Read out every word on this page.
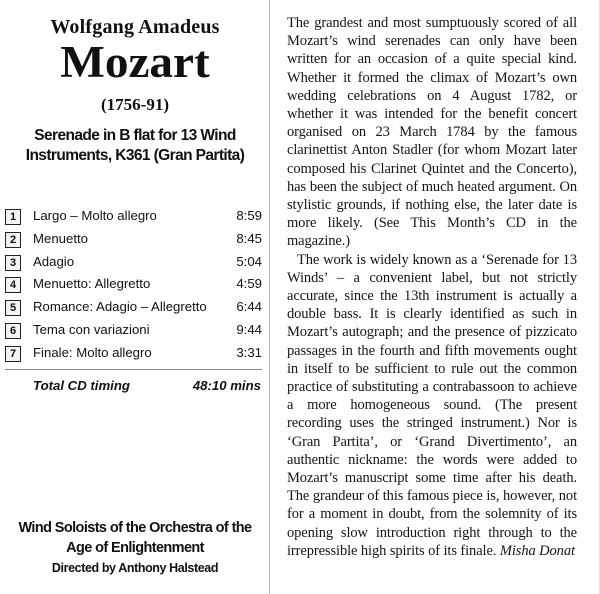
Wolfgang Amadeus
Mozart
(1756-91)
Serenade in B flat for 13 Wind
Instruments, K361 (Gran Partita)
1	Largo – Molto allegro	8:59
2	Menuetto	8:45
3	Adagio	5:04
4	Menuetto: Allegretto	4:59
5	Romance: Adagio – Allegretto 6:44
6	Tema con variazioni	9:44
7	Finale: Molto allegro	3:31
Total CD timing	48:10 mins
Wind Soloists of the Orchestra of the
Age of Enlightenment
Directed by Anthony Halstead

The grandest and most sumptuously scored of all Mozart’s wind serenades can only have been written for an occasion of a quite special kind. Whether it formed the climax of Mozart’s own wedding celebrations on 4 August 1782, or whether it was intended for the benefit concert organised on 23 March 1784 by the famous clarinettist Anton Stadler (for whom Mozart later composed his Clarinet Quintet and the Concerto), has been the subject of much heated argument. On stylistic grounds, if nothing else, the later date is more likely. (See This Month’s CD in the magazine.)

The work is widely known as a ‘Serenade for 13 Winds’ – a convenient label, but not strictly accurate, since the 13th instrument is actually a double bass. It is clearly identified as such in Mozart’s autograph; and the presence of pizzicato passages in the fourth and fifth movements ought in itself to be sufficient to rule out the common practice of substituting a contrabassoon to achieve a more homogeneous sound. (The present recording uses the stringed instrument.) Nor is ‘Gran Partita’, or ‘Grand Divertimento’, an authentic nickname: the words were added to Mozart’s manuscript some time after his death. The grandeur of this famous piece is, however, not for a moment in doubt, from the solemnity of its opening slow introduction right through to the irrepressible high spirits of its finale. Misha Donat
